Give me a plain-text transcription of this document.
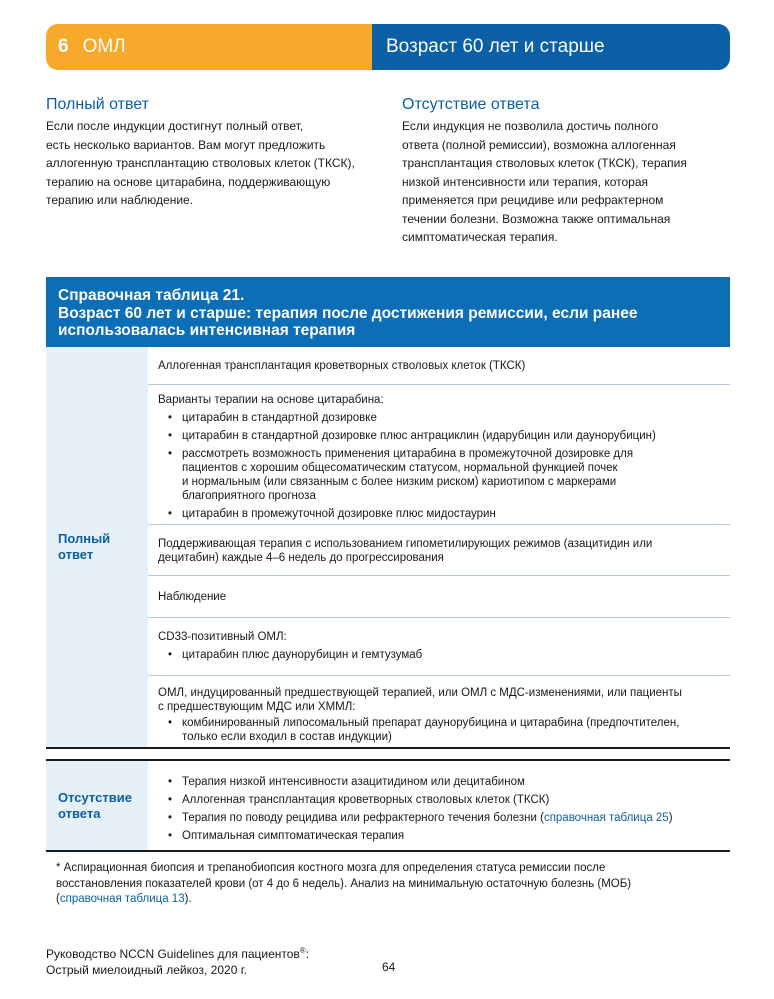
6 ОМЛ	Возраст 60 лет и старше
Полный ответ
Если после индукции достигнут полный ответ,
есть несколько вариантов. Вам могут предложить
аллогенную трансплантацию стволовых клеток (ТКСК),
терапию на основе цитарабина, поддерживающую
терапию или наблюдение.
Отсутствие ответа
Если индукция не позволила достичь полного
ответа (полной ремиссии), возможна аллогенная
трансплантация стволовых клеток (ТКСК), терапия
низкой интенсивности или терапия, которая
применяется при рецидиве или рефрактерном
течении болезни. Возможна также оптимальная
симптоматическая терапия.
Справочная таблица 21.
Возраст 60 лет и старше: терапия после достижения ремиссии, если ранее
использовалась интенсивная терапия
Полный
ответ
Аллогенная трансплантация кроветворных стволовых клеток (ТКСК)
Варианты терапии на основе цитарабина:
• цитарабин в стандартной дозировке
• цитарабин в стандартной дозировке плюс антрациклин (идарубицин или даунорубицин)
• рассмотреть возможность применения цитарабина в промежуточной дозировке для
пациентов с хорошим общесоматическим статусом, нормальной функцией почек
и нормальным (или связанным с более низким риском) кариотипом с маркерами
благоприятного прогноза
• цитарабин в промежуточной дозировке плюс мидостаурин
Поддерживающая терапия с использованием гипометилирующих режимов (азацитидин или
децитабин) каждые 4–6 недель до прогрессирования
Наблюдение
CD33-позитивный ОМЛ:
• цитарабин плюс даунорубицин и гемтузумаб
ОМЛ, индуцированный предшествующей терапией, или ОМЛ с МДС-изменениями, или пациенты
с предшествующим МДС или ХММЛ:
• комбинированный липосомальный препарат даунорубицина и цитарабина (предпочтителен,
только если входил в состав индукции)
Отсутствие
ответа
• Терапия низкой интенсивности азацитидином или децитабином
• Аллогенная трансплантация кроветворных стволовых клеток (ТКСК)
• Терапия по поводу рецидива или рефрактерного течения болезни (справочная таблица 25)
• Оптимальная симптоматическая терапия
* Аспирационная биопсия и трепанобиопсия костного мозга для определения статуса ремиссии после
восстановления показателей крови (от 4 до 6 недель). Анализ на минимальную остаточную болезнь (МОБ)
(справочная таблица 13).
Руководство NCCN Guidelines для пациентов®:
Острый миелоидный лейкоз, 2020 г.	64
